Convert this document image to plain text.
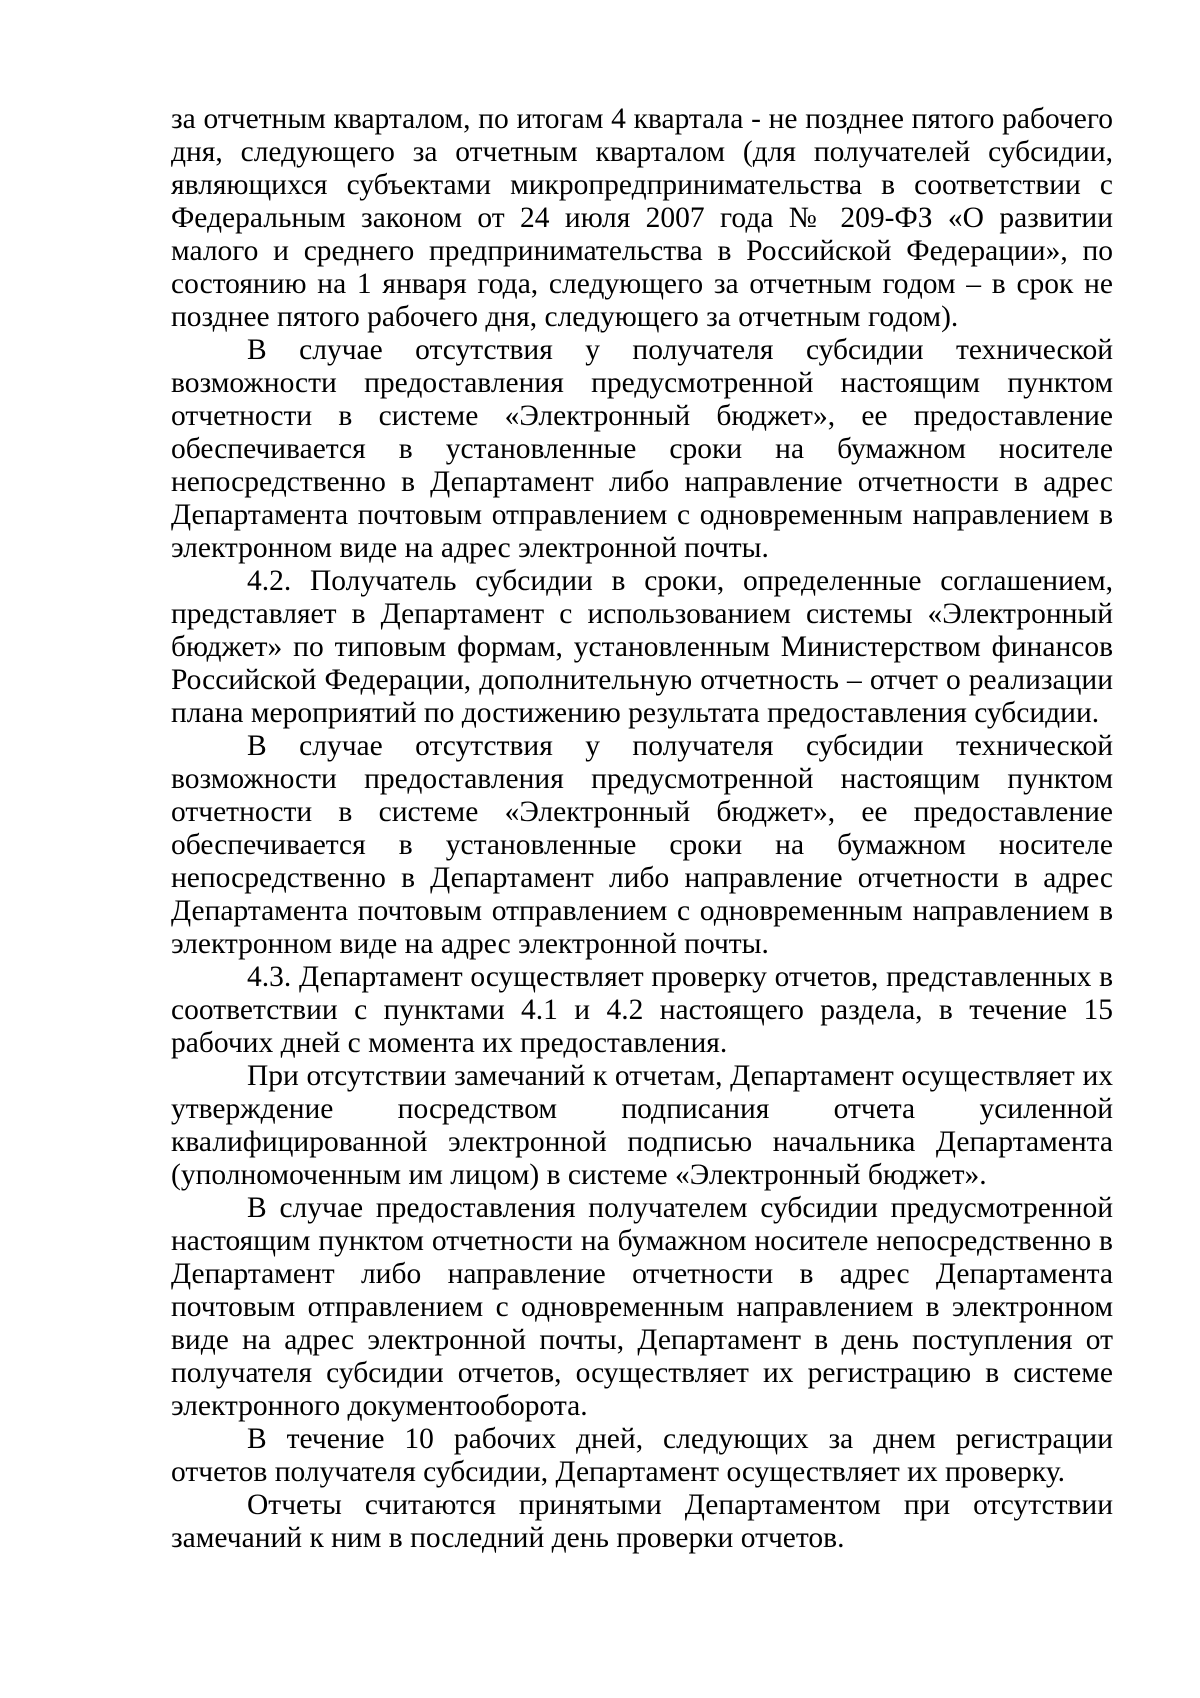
за отчетным кварталом, по итогам 4 квартала - не позднее пятого рабочего дня, следующего за отчетным кварталом (для получателей субсидии, являющихся субъектами микропредпринимательства в соответствии с Федеральным законом от 24 июля 2007 года № 209-ФЗ «О развитии малого и среднего предпринимательства в Российской Федерации», по состоянию на 1 января года, следующего за отчетным годом – в срок не позднее пятого рабочего дня, следующего за отчетным годом).

В случае отсутствия у получателя субсидии технической возможности предоставления предусмотренной настоящим пунктом отчетности в системе «Электронный бюджет», ее предоставление обеспечивается в установленные сроки на бумажном носителе непосредственно в Департамент либо направление отчетности в адрес Департамента почтовым отправлением с одновременным направлением в электронном виде на адрес электронной почты.

4.2. Получатель субсидии в сроки, определенные соглашением, представляет в Департамент с использованием системы «Электронный бюджет» по типовым формам, установленным Министерством финансов Российской Федерации, дополнительную отчетность – отчет о реализации плана мероприятий по достижению результата предоставления субсидии.

В случае отсутствия у получателя субсидии технической возможности предоставления предусмотренной настоящим пунктом отчетности в системе «Электронный бюджет», ее предоставление обеспечивается в установленные сроки на бумажном носителе непосредственно в Департамент либо направление отчетности в адрес Департамента почтовым отправлением с одновременным направлением в электронном виде на адрес электронной почты.

4.3. Департамент осуществляет проверку отчетов, представленных в соответствии с пунктами 4.1 и 4.2 настоящего раздела, в течение 15 рабочих дней с момента их предоставления.

При отсутствии замечаний к отчетам, Департамент осуществляет их утверждение посредством подписания отчета усиленной квалифицированной электронной подписью начальника Департамента (уполномоченным им лицом) в системе «Электронный бюджет».

В случае предоставления получателем субсидии предусмотренной настоящим пунктом отчетности на бумажном носителе непосредственно в Департамент либо направление отчетности в адрес Департамента почтовым отправлением с одновременным направлением в электронном виде на адрес электронной почты, Департамент в день поступления от получателя субсидии отчетов, осуществляет их регистрацию в системе электронного документооборота.

В течение 10 рабочих дней, следующих за днем регистрации отчетов получателя субсидии, Департамент осуществляет их проверку.

Отчеты считаются принятыми Департаментом при отсутствии замечаний к ним в последний день проверки отчетов.
